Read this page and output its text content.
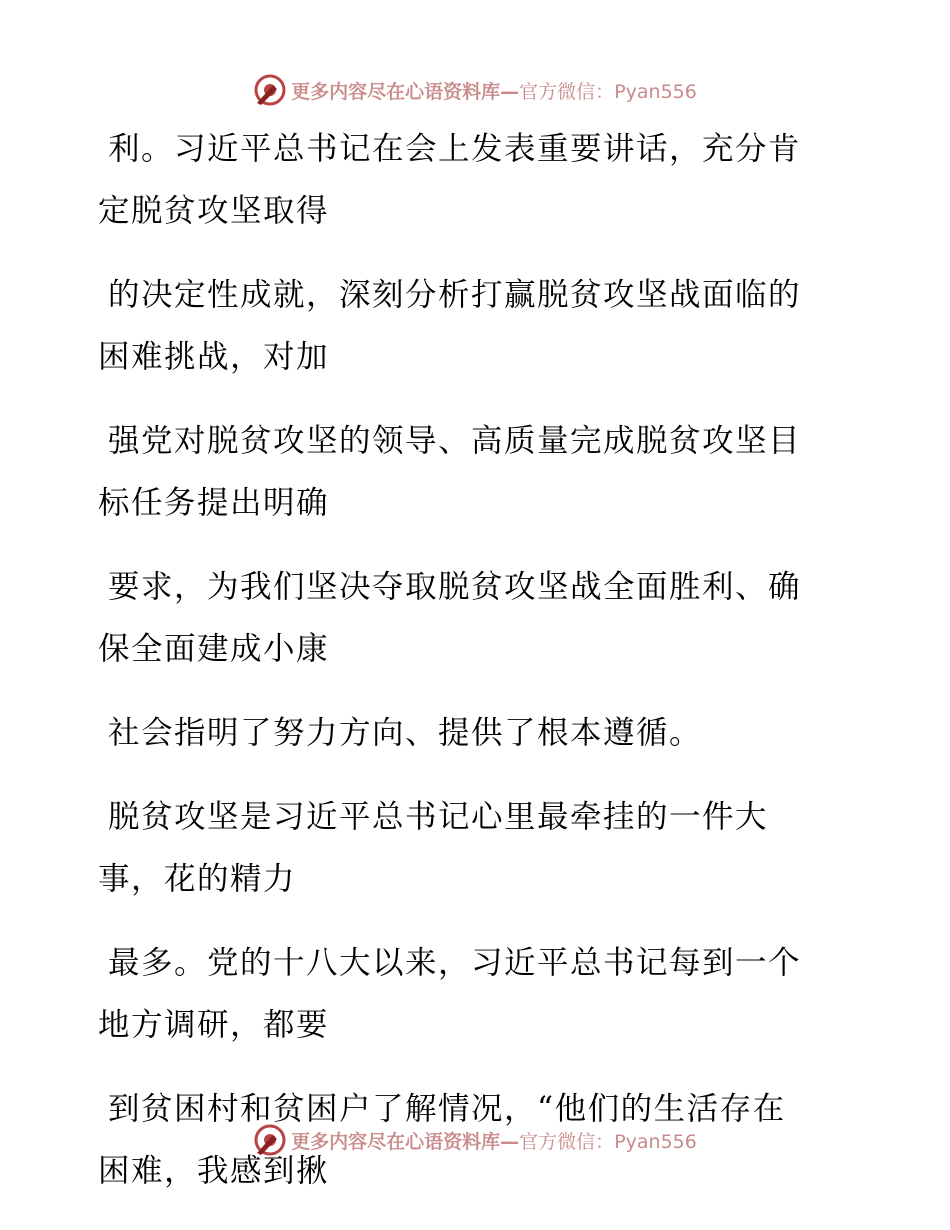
更多内容尽在心语资料库—官方微信：Pyan556
利。习近平总书记在会上发表重要讲话，充分肯
定脱贫攻坚取得
的决定性成就，深刻分析打赢脱贫攻坚战面临的
困难挑战，对加
强党对脱贫攻坚的领导、高质量完成脱贫攻坚目
标任务提出明确
要求，为我们坚决夺取脱贫攻坚战全面胜利、确
保全面建成小康
社会指明了努力方向、提供了根本遵循。
脱贫攻坚是习近平总书记心里最牵挂的一件大
事，花的精力
最多。党的十八大以来，习近平总书记每到一个
地方调研，都要
到贫困村和贫困户了解情况，“他们的生活存在
困难，我感到揪
更多内容尽在心语资料库—官方微信：Pyan556
